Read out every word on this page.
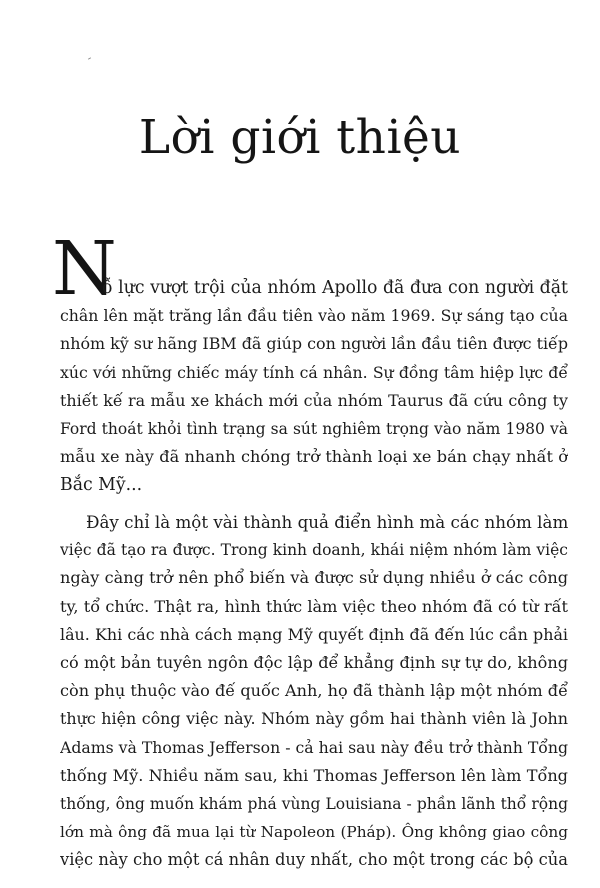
Lời giới thiệu
N
ỗ lực vượt trội của nhóm Apollo đã đưa con người đặt
chân lên mặt trăng lần đầu tiên vào năm 1969. Sự sáng tạo của
nhóm kỹ sư hãng IBM đã giúp con người lần đầu tiên được tiếp
xúc với những chiếc máy tính cá nhân. Sự đồng tâm hiệp lực để
thiết kế ra mẫu xe khách mới của nhóm Taurus đã cứu công ty
Ford thoát khỏi tình trạng sa sút nghiêm trọng vào năm 1980 và
mẫu xe này đã nhanh chóng trở thành loại xe bán chạy nhất ở
Bắc Mỹ...
Đây chỉ là một vài thành quả điển hình mà các nhóm làm
việc đã tạo ra được. Trong kinh doanh, khái niệm nhóm làm việc
ngày càng trở nên phổ biến và được sử dụng nhiều ở các công
ty, tổ chức. Thật ra, hình thức làm việc theo nhóm đã có từ rất
lâu. Khi các nhà cách mạng Mỹ quyết định đã đến lúc cần phải
có một bản tuyên ngôn độc lập để khẳng định sự tự do, không
còn phụ thuộc vào đế quốc Anh, họ đã thành lập một nhóm để
thực hiện công việc này. Nhóm này gồm hai thành viên là John
Adams và Thomas Jefferson - cả hai sau này đều trở thành Tổng
thống Mỹ. Nhiều năm sau, khi Thomas Jefferson lên làm Tổng
thống, ông muốn khám phá vùng Louisiana - phần lãnh thổ rộng
lớn mà ông đã mua lại từ Napoleon (Pháp). Ông không giao công
việc này cho một cá nhân duy nhất, cho một trong các bộ của
